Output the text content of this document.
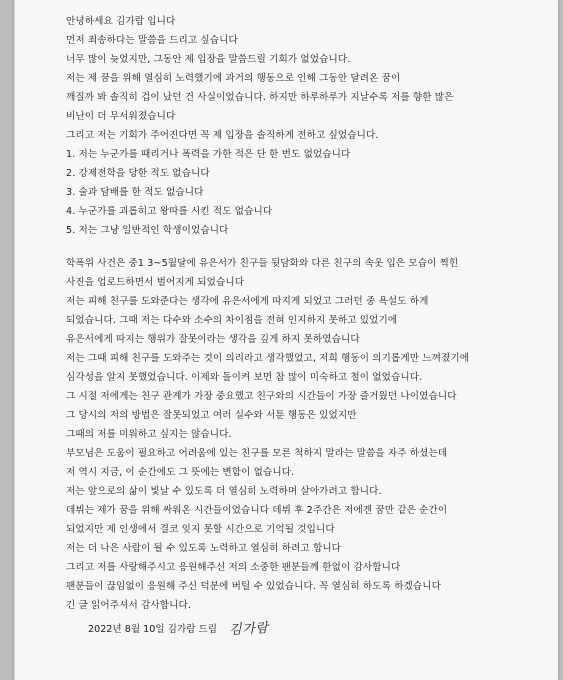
안녕하세요 김가람 입니다
먼저 죄송하다는 말씀을 드리고 싶습니다
너무 많이 늦었지만, 그동안 제 입장을 말씀드릴 기회가 없었습니다.
저는 제 꿈을 위해 열심히 노력했기에 과거의 행동으로 인해 그동안 달려온 꿈이
깨질까 봐 솔직히 겁이 났던 건 사실이었습니다. 하지만 하루하루가 지날수록 저를 향한 많은
비난이 더 무서워졌습니다
그리고 저는 기회가 주어진다면 꼭 제 입장을 솔직하게 전하고 싶었습니다.
1. 저는 누군가를 때리거나 폭력을 가한 적은 단 한 번도 없었습니다
2. 강제전학을 당한 적도 없습니다
3. 술과 담배를 한 적도 없습니다
4. 누군가를 괴롭히고 왕따를 시킨 적도 없습니다
5. 저는 그냥 일반적인 학생이었습니다
학폭위 사건은 중1 3~5월달에 유은서가 친구들 뒷담화와 다른 친구의 속옷 입은 모습이 찍힌
사진을 업로드하면서 벌어지게 되었습니다
저는 피해 친구를 도와준다는 생각에 유은서에게 따지게 되었고 그러던 중 욕설도 하게
되었습니다. 그때 저는 다수와 소수의 차이점을 전혀 인지하지 못하고 있었기에
유은서에게 따지는 행위가 잘못이라는 생각을 깊게 하지 못하였습니다
저는 그때 피해 친구를 도와주는 것이 의리라고 생각했었고, 저희 행동이 의기롭게만 느껴졌기에
심각성을 알지 못했었습니다. 이제와 돌이켜 보면 참 많이 미숙하고 철이 없었습니다.
그 시절 저에게는 친구 관계가 가장 중요했고 친구와의 시간들이 가장 즐거웠던 나이였습니다
그 당시의 저의 방법은 잘못되었고 여러 실수와 서툰 행동은 있었지만
그때의 저를 미워하고 싶지는 않습니다.
부모님은 도움이 필요하고 어려움에 있는 친구를 모른 척하지 말라는 말씀을 자주 하셨는데
저 역시 지금, 이 순간에도 그 뜻에는 변함이 없습니다.
저는 앞으로의 삶이 빛날 수 있도록 더 열심히 노력하며 살아가려고 합니다.
데뷔는 제가 꿈을 위해 싸워온 시간들이었습니다 데뷔 후 2주간은 저에겐 꿈만 같은 순간이
되었지만 제 인생에서 결코 잊지 못할 시간으로 기억될 것입니다
저는 더 나은 사람이 될 수 있도록 노력하고 열심히 하려고 합니다
그리고 저를 사랑해주시고 응원해주신 저의 소중한 팬분들께 한없이 감사합니다
팬분들이 끊임없이 응원해 주신 덕분에 버틸 수 있었습니다. 꼭 열심히 하도록 하겠습니다
긴 글 읽어주셔서 감사합니다.
2022년 8월 10일 김가람 드림 김가람
